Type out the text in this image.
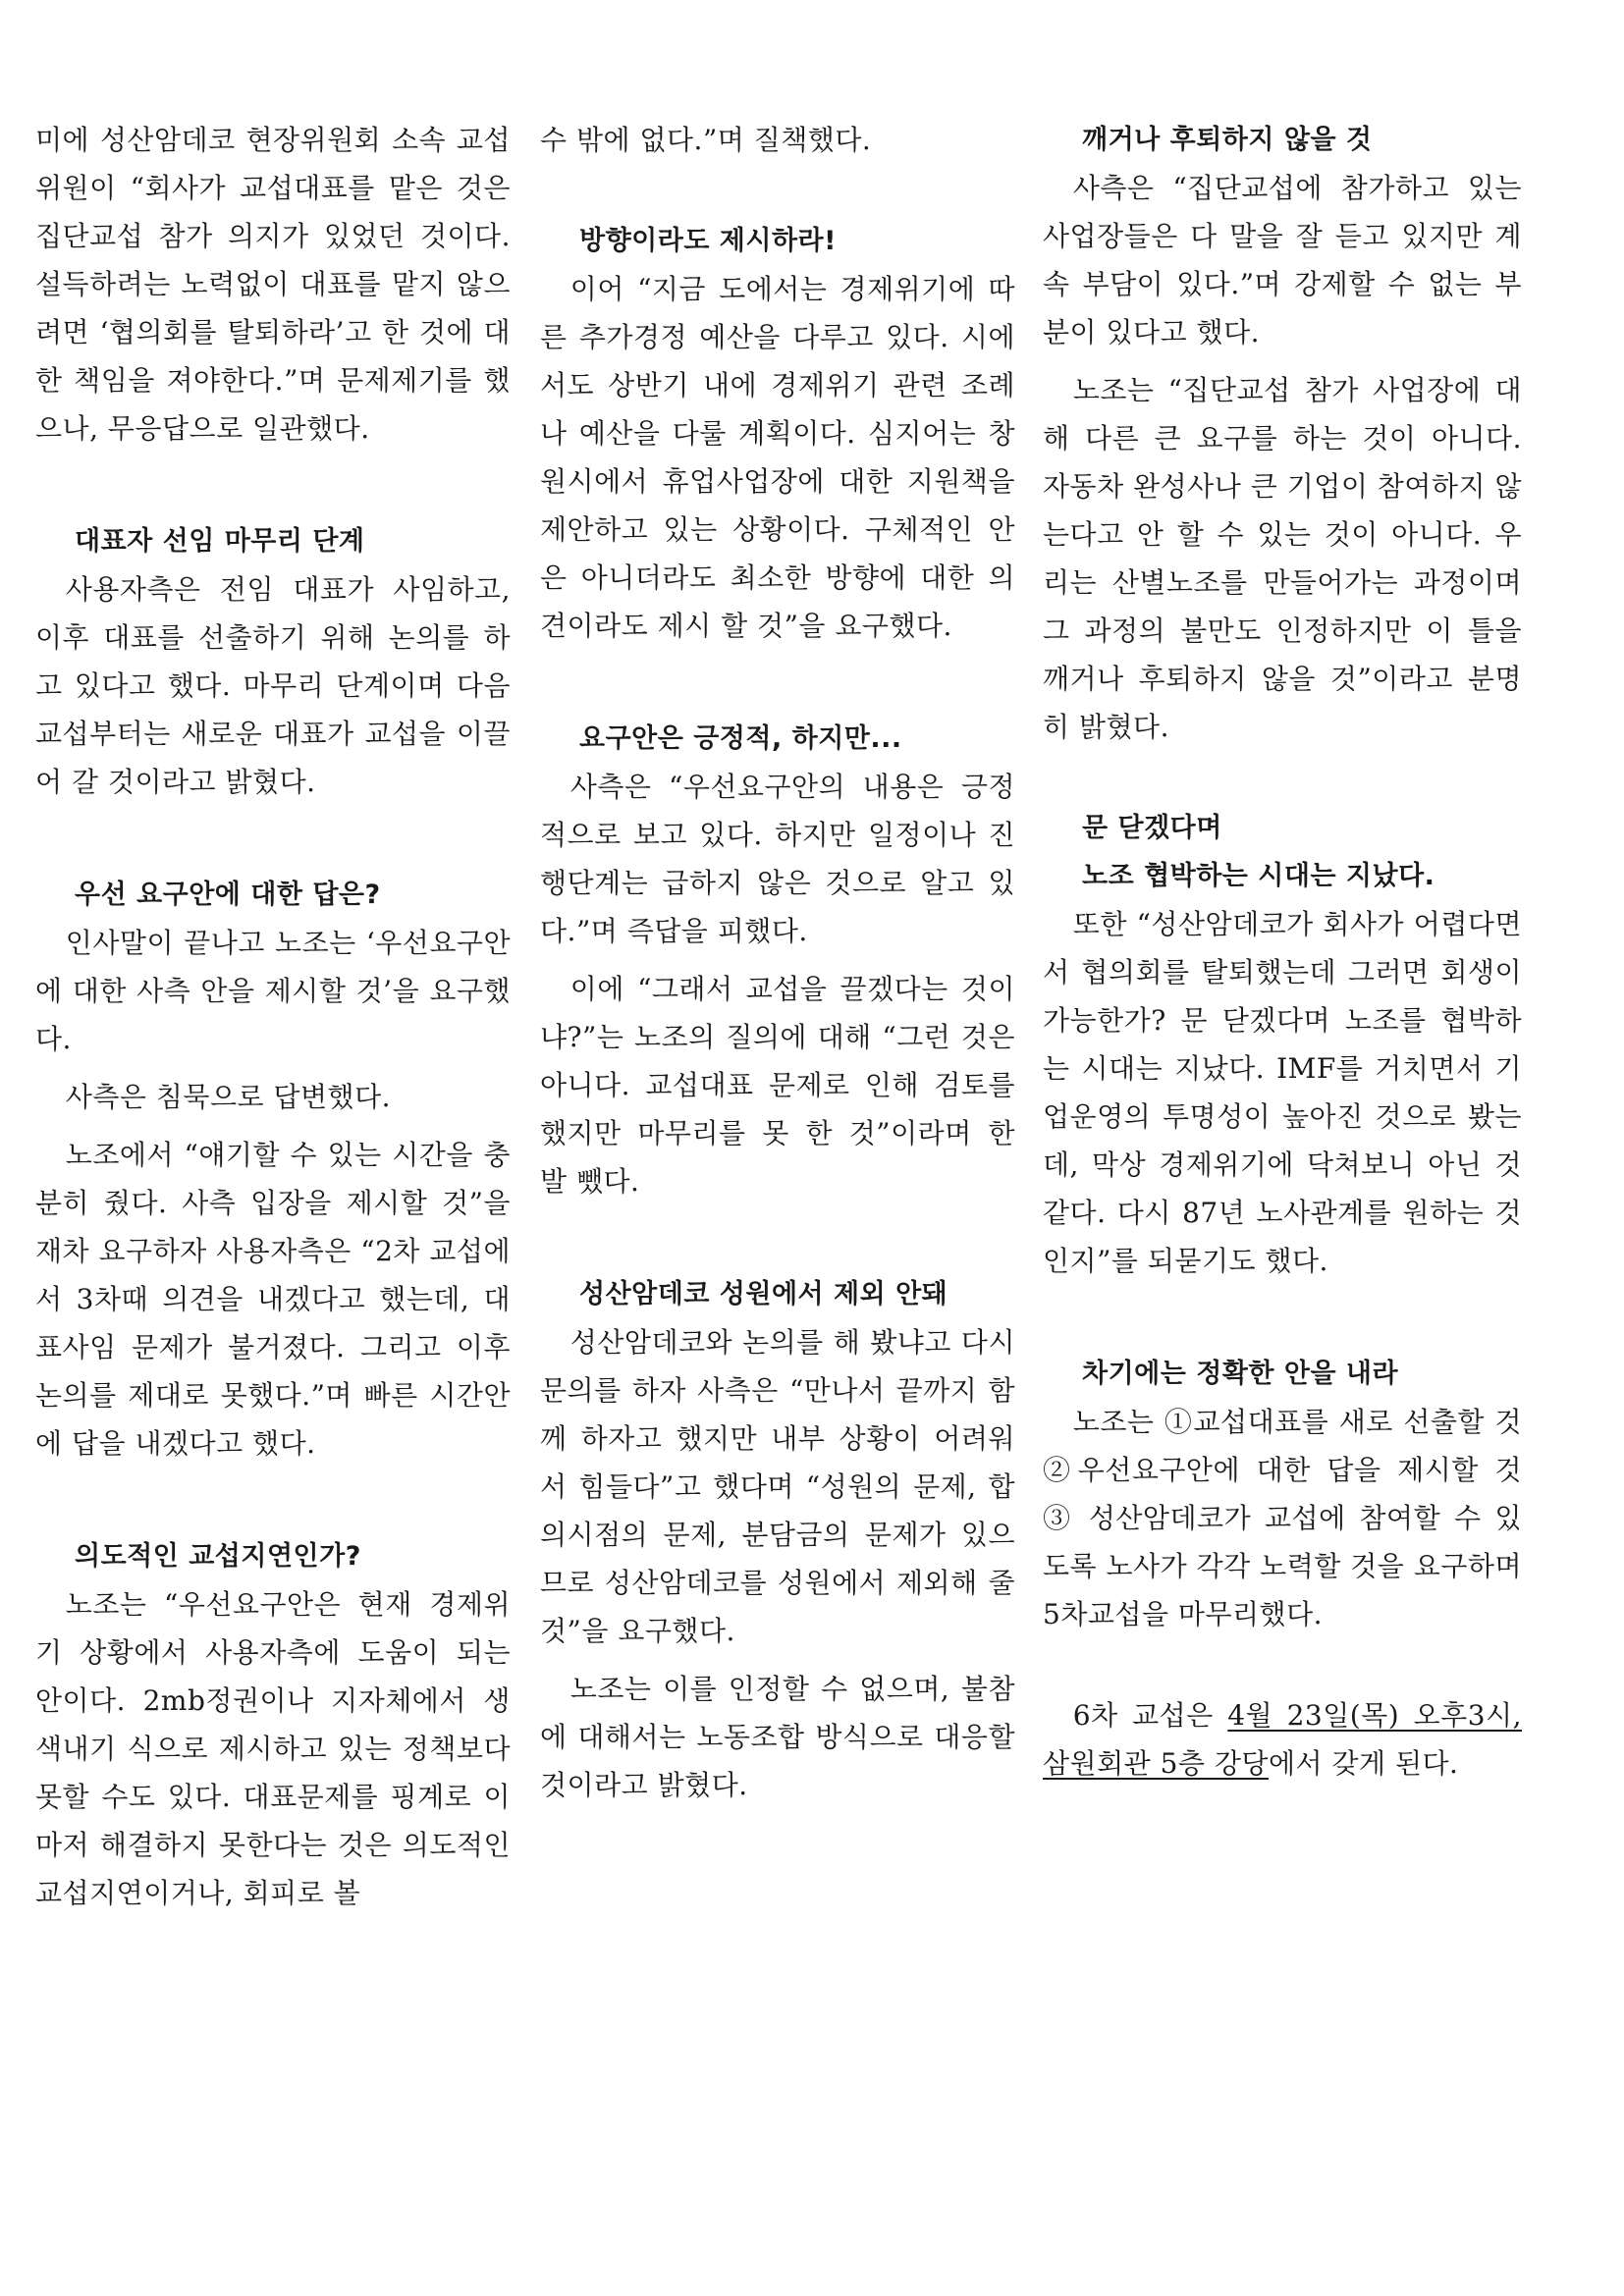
미에 성산암데코 현장위원회 소속 교섭위원이 “회사가 교섭대표를 맡은 것은 집단교섭 참가 의지가 있었던 것이다. 설득하려는 노력없이 대표를 맡지 않으려면 ‘협의회를 탈퇴하라’고 한 것에 대한 책임을 져야한다.”며 문제제기를 했으나, 무응답으로 일관했다.

대표자 선임 마무리 단계

사용자측은 전임 대표가 사임하고, 이후 대표를 선출하기 위해 논의를 하고 있다고 했다. 마무리 단계이며 다음 교섭부터는 새로운 대표가 교섭을 이끌어 갈 것이라고 밝혔다.

우선 요구안에 대한 답은?

인사말이 끝나고 노조는 ‘우선요구안에 대한 사측 안을 제시할 것’을 요구했다.

사측은 침묵으로 답변했다.

노조에서 “얘기할 수 있는 시간을 충분히 줬다. 사측 입장을 제시할 것”을 재차 요구하자 사용자측은 “2차 교섭에서 3차때 의견을 내겠다고 했는데, 대표사임 문제가 불거졌다. 그리고 이후 논의를 제대로 못했다.”며 빠른 시간안에 답을 내겠다고 했다.

의도적인 교섭지연인가?

노조는 “우선요구안은 현재 경제위기 상황에서 사용자측에 도움이 되는 안이다. 2mb정권이나 지자체에서 생색내기 식으로 제시하고 있는 정책보다 못할 수도 있다. 대표문제를 핑계로 이 마저 해결하지 못한다는 것은 의도적인 교섭지연이거나, 회피로 볼

수 밖에 없다.”며 질책했다.

방향이라도 제시하라!

이어 “지금 도에서는 경제위기에 따른 추가경정 예산을 다루고 있다. 시에서도 상반기 내에 경제위기 관련 조례나 예산을 다룰 계획이다. 심지어는 창원시에서 휴업사업장에 대한 지원책을 제안하고 있는 상황이다. 구체적인 안은 아니더라도 최소한 방향에 대한 의견이라도 제시 할 것”을 요구했다.

요구안은 긍정적, 하지만...

사측은 “우선요구안의 내용은 긍정적으로 보고 있다. 하지만 일정이나 진행단계는 급하지 않은 것으로 알고 있다.”며 즉답을 피했다.

이에 “그래서 교섭을 끌겠다는 것이냐?”는 노조의 질의에 대해 “그런 것은 아니다. 교섭대표 문제로 인해 검토를 했지만 마무리를 못 한 것”이라며 한 발 뺐다.

성산암데코 성원에서 제외 안돼

성산암데코와 논의를 해 봤냐고 다시 문의를 하자 사측은 “만나서 끝까지 함께 하자고 했지만 내부 상황이 어려워서 힘들다”고 했다며 “성원의 문제, 합의시점의 문제, 분담금의 문제가 있으므로 성산암데코를 성원에서 제외해 줄 것”을 요구했다.

노조는 이를 인정할 수 없으며, 불참에 대해서는 노동조합 방식으로 대응할 것이라고 밝혔다.

깨거나 후퇴하지 않을 것

사측은 “집단교섭에 참가하고 있는 사업장들은 다 말을 잘 듣고 있지만 계속 부담이 있다.”며 강제할 수 없는 부분이 있다고 했다.

노조는 “집단교섭 참가 사업장에 대해 다른 큰 요구를 하는 것이 아니다. 자동차 완성사나 큰 기업이 참여하지 않는다고 안 할 수 있는 것이 아니다. 우리는 산별노조를 만들어가는 과정이며 그 과정의 불만도 인정하지만 이 틀을 깨거나 후퇴하지 않을 것”이라고 분명히 밝혔다.

문 닫겠다며
노조 협박하는 시대는 지났다.

또한 “성산암데코가 회사가 어렵다면서 협의회를 탈퇴했는데 그러면 회생이 가능한가? 문 닫겠다며 노조를 협박하는 시대는 지났다. IMF를 거치면서 기업운영의 투명성이 높아진 것으로 봤는데, 막상 경제위기에 닥쳐보니 아닌 것 같다. 다시 87년 노사관계를 원하는 것인지”를 되묻기도 했다.

차기에는 정확한 안을 내라

노조는 ①교섭대표를 새로 선출할 것 ②우선요구안에 대한 답을 제시할 것 ③ 성산암데코가 교섭에 참여할 수 있도록 노사가 각각 노력할 것을 요구하며 5차교섭을 마무리했다.

6차 교섭은 4월 23일(목) 오후3시, 삼원회관 5층 강당에서 갖게 된다.
